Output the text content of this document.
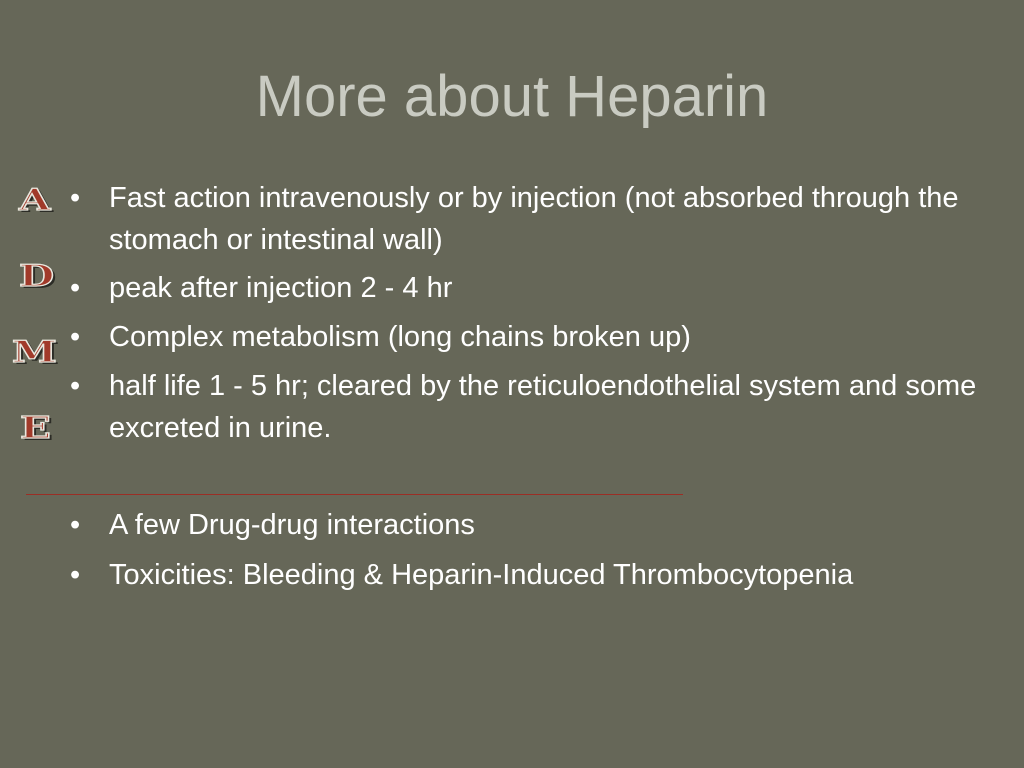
More about Heparin
A
D
M
E
• Fast action intravenously or by injection (not absorbed through the stomach or intestinal wall)
• peak after injection 2 - 4 hr
• Complex metabolism (long chains broken up)
• half life 1 - 5 hr; cleared by the reticuloendothelial system and some excreted in urine.
• A few Drug-drug interactions
• Toxicities: Bleeding & Heparin-Induced Thrombocytopenia
